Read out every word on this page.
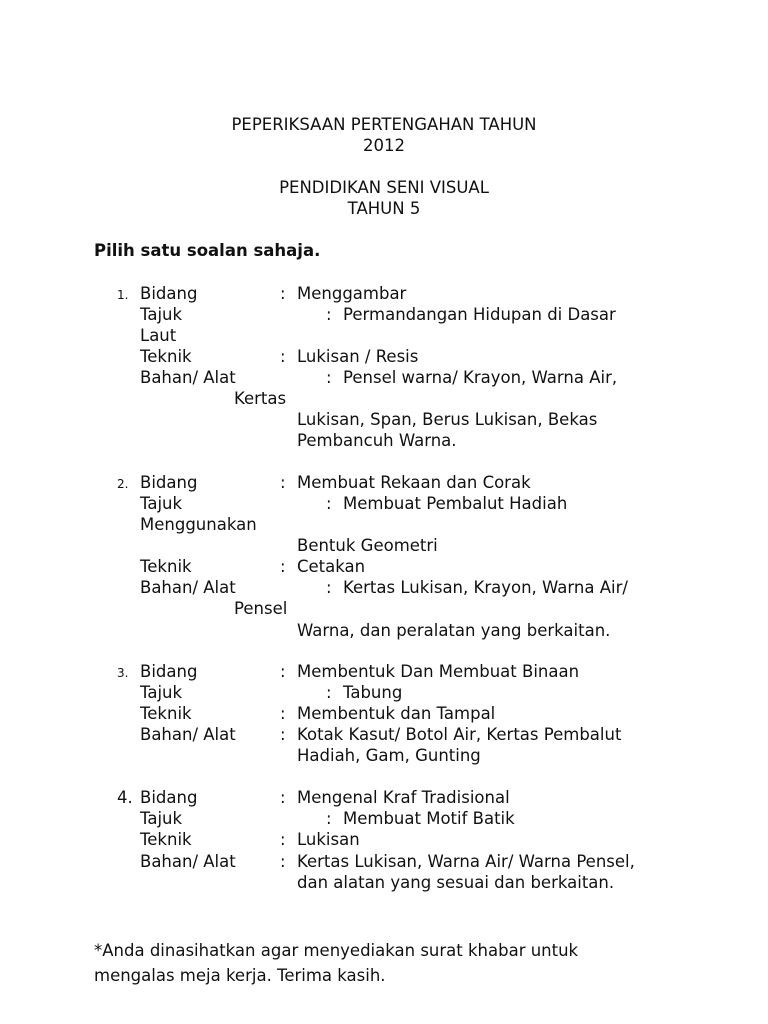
PEPERIKSAAN PERTENGAHAN TAHUN
2012
PENDIDIKAN SENI VISUAL
TAHUN 5
Pilih satu soalan sahaja.
1. Bidang	: Menggambar
Tajuk	: Permandangan Hidupan di Dasar
Laut
Teknik	: Lukisan / Resis
Bahan/ Alat	: Pensel warna/ Krayon, Warna Air,
Kertas
Lukisan, Span, Berus Lukisan, Bekas
Pembancuh Warna.
2. Bidang	: Membuat Rekaan dan Corak
Tajuk	: Membuat Pembalut Hadiah
Menggunakan
Bentuk Geometri
Teknik	: Cetakan
Bahan/ Alat	: Kertas Lukisan, Krayon, Warna Air/
Pensel
Warna, dan peralatan yang berkaitan.
3. Bidang	: Membentuk Dan Membuat Binaan
Tajuk	: Tabung
Teknik	: Membentuk dan Tampal
Bahan/ Alat	: Kotak Kasut/ Botol Air, Kertas Pembalut
Hadiah, Gam, Gunting
4. Bidang	: Mengenal Kraf Tradisional
Tajuk	: Membuat Motif Batik
Teknik	: Lukisan
Bahan/ Alat	: Kertas Lukisan, Warna Air/ Warna Pensel,
dan alatan yang sesuai dan berkaitan.
*Anda dinasihatkan agar menyediakan surat khabar untuk
mengalas meja kerja. Terima kasih.
